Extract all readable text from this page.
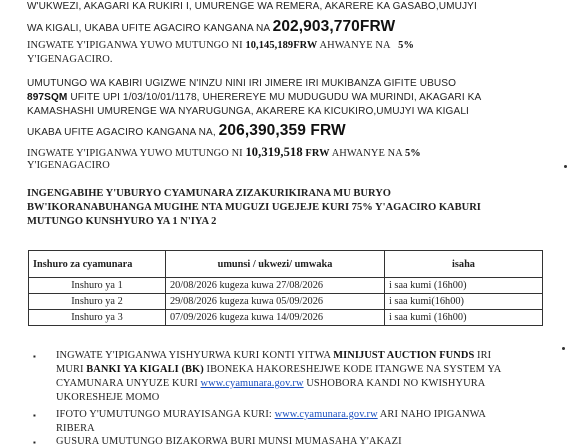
W'UKWEZI, AKAGARI KA RUKIRI I, UMURENGE WA REMERA, AKARERE KA GASABO,UMUJYI
WA KIGALI, UKABA UFITE AGACIRO KANGANA NA 202,903,770FRW
INGWATE Y'IPIGANWA YUWO MUTUNGO NI 10,145,189FRW AHWANYE NA   5%
Y'IGENAGACIRO.
UMUTUNGO WA KABIRI UGIZWE N'INZU NINI IRI JIMERE IRI MUKIBANZA GIFITE UBUSO
897SQM UFITE UPI 1/03/10/01/1178, UHEREREYE MU MUDUGUDU WA MURINDI, AKAGARI KA
KAMASHASHI UMURENGE WA NYARUGUNGA, AKARERE KA KICUKIRO,UMUJYI WA KIGALI
UKABA UFITE AGACIRO KANGANA NA, 206,390,359 FRW
INGWATE Y'IPIGANWA YUWO MUTUNGO NI 10,319,518 FRW AHWANYE NA 5%
Y'IGENAGACIRO
INGENGABIHE Y'UBURYO CYAMUNARA ZIZAKURIKIRANA MU BURYO
BW'IKORANABUHANGA MUGIHE NTA MUGUZI UGEJEJE KURI 75% Y'AGACIRO KABURI
MUTUNGO KUNSHYURO YA 1 N'IYA 2
Inshuro za cyamunara	umunsi / ukwezi/ umwaka	isaha
Inshuro ya 1	20/08/2026 kugeza kuwa 27/08/2026	i saa kumi (16h00)
Inshuro ya 2	29/08/2026 kugeza kuwa 05/09/2026	i saa kumi(16h00)
Inshuro ya 3	07/09/2026 kugeza kuwa 14/09/2026	i saa kumi (16h00)
▪ INGWATE Y'IPIGANWA YISHYURWA KURI KONTI YITWA MINIJUST AUCTION FUNDS IRI
MURI BANKI YA KIGALI (BK) IBONEKA HAKORESHEJWE KODE ITANGWE NA SYSTEM YA
CYAMUNARA UNYUZE KURI www.cyamunara.gov.rw USHOBORA KANDI NO KWISHYURA
UKORESHEJE MOMO
▪ IFOTO Y'UMUTUNGO MURAYISANGA KURI: www.cyamunara.gov.rw ARI NAHO IPIGANWA
RIBERA
▪ GUSURA UMUTUNGO BIZAKORWA BURI MUNSI MUMASAHA Y'AKAZI
